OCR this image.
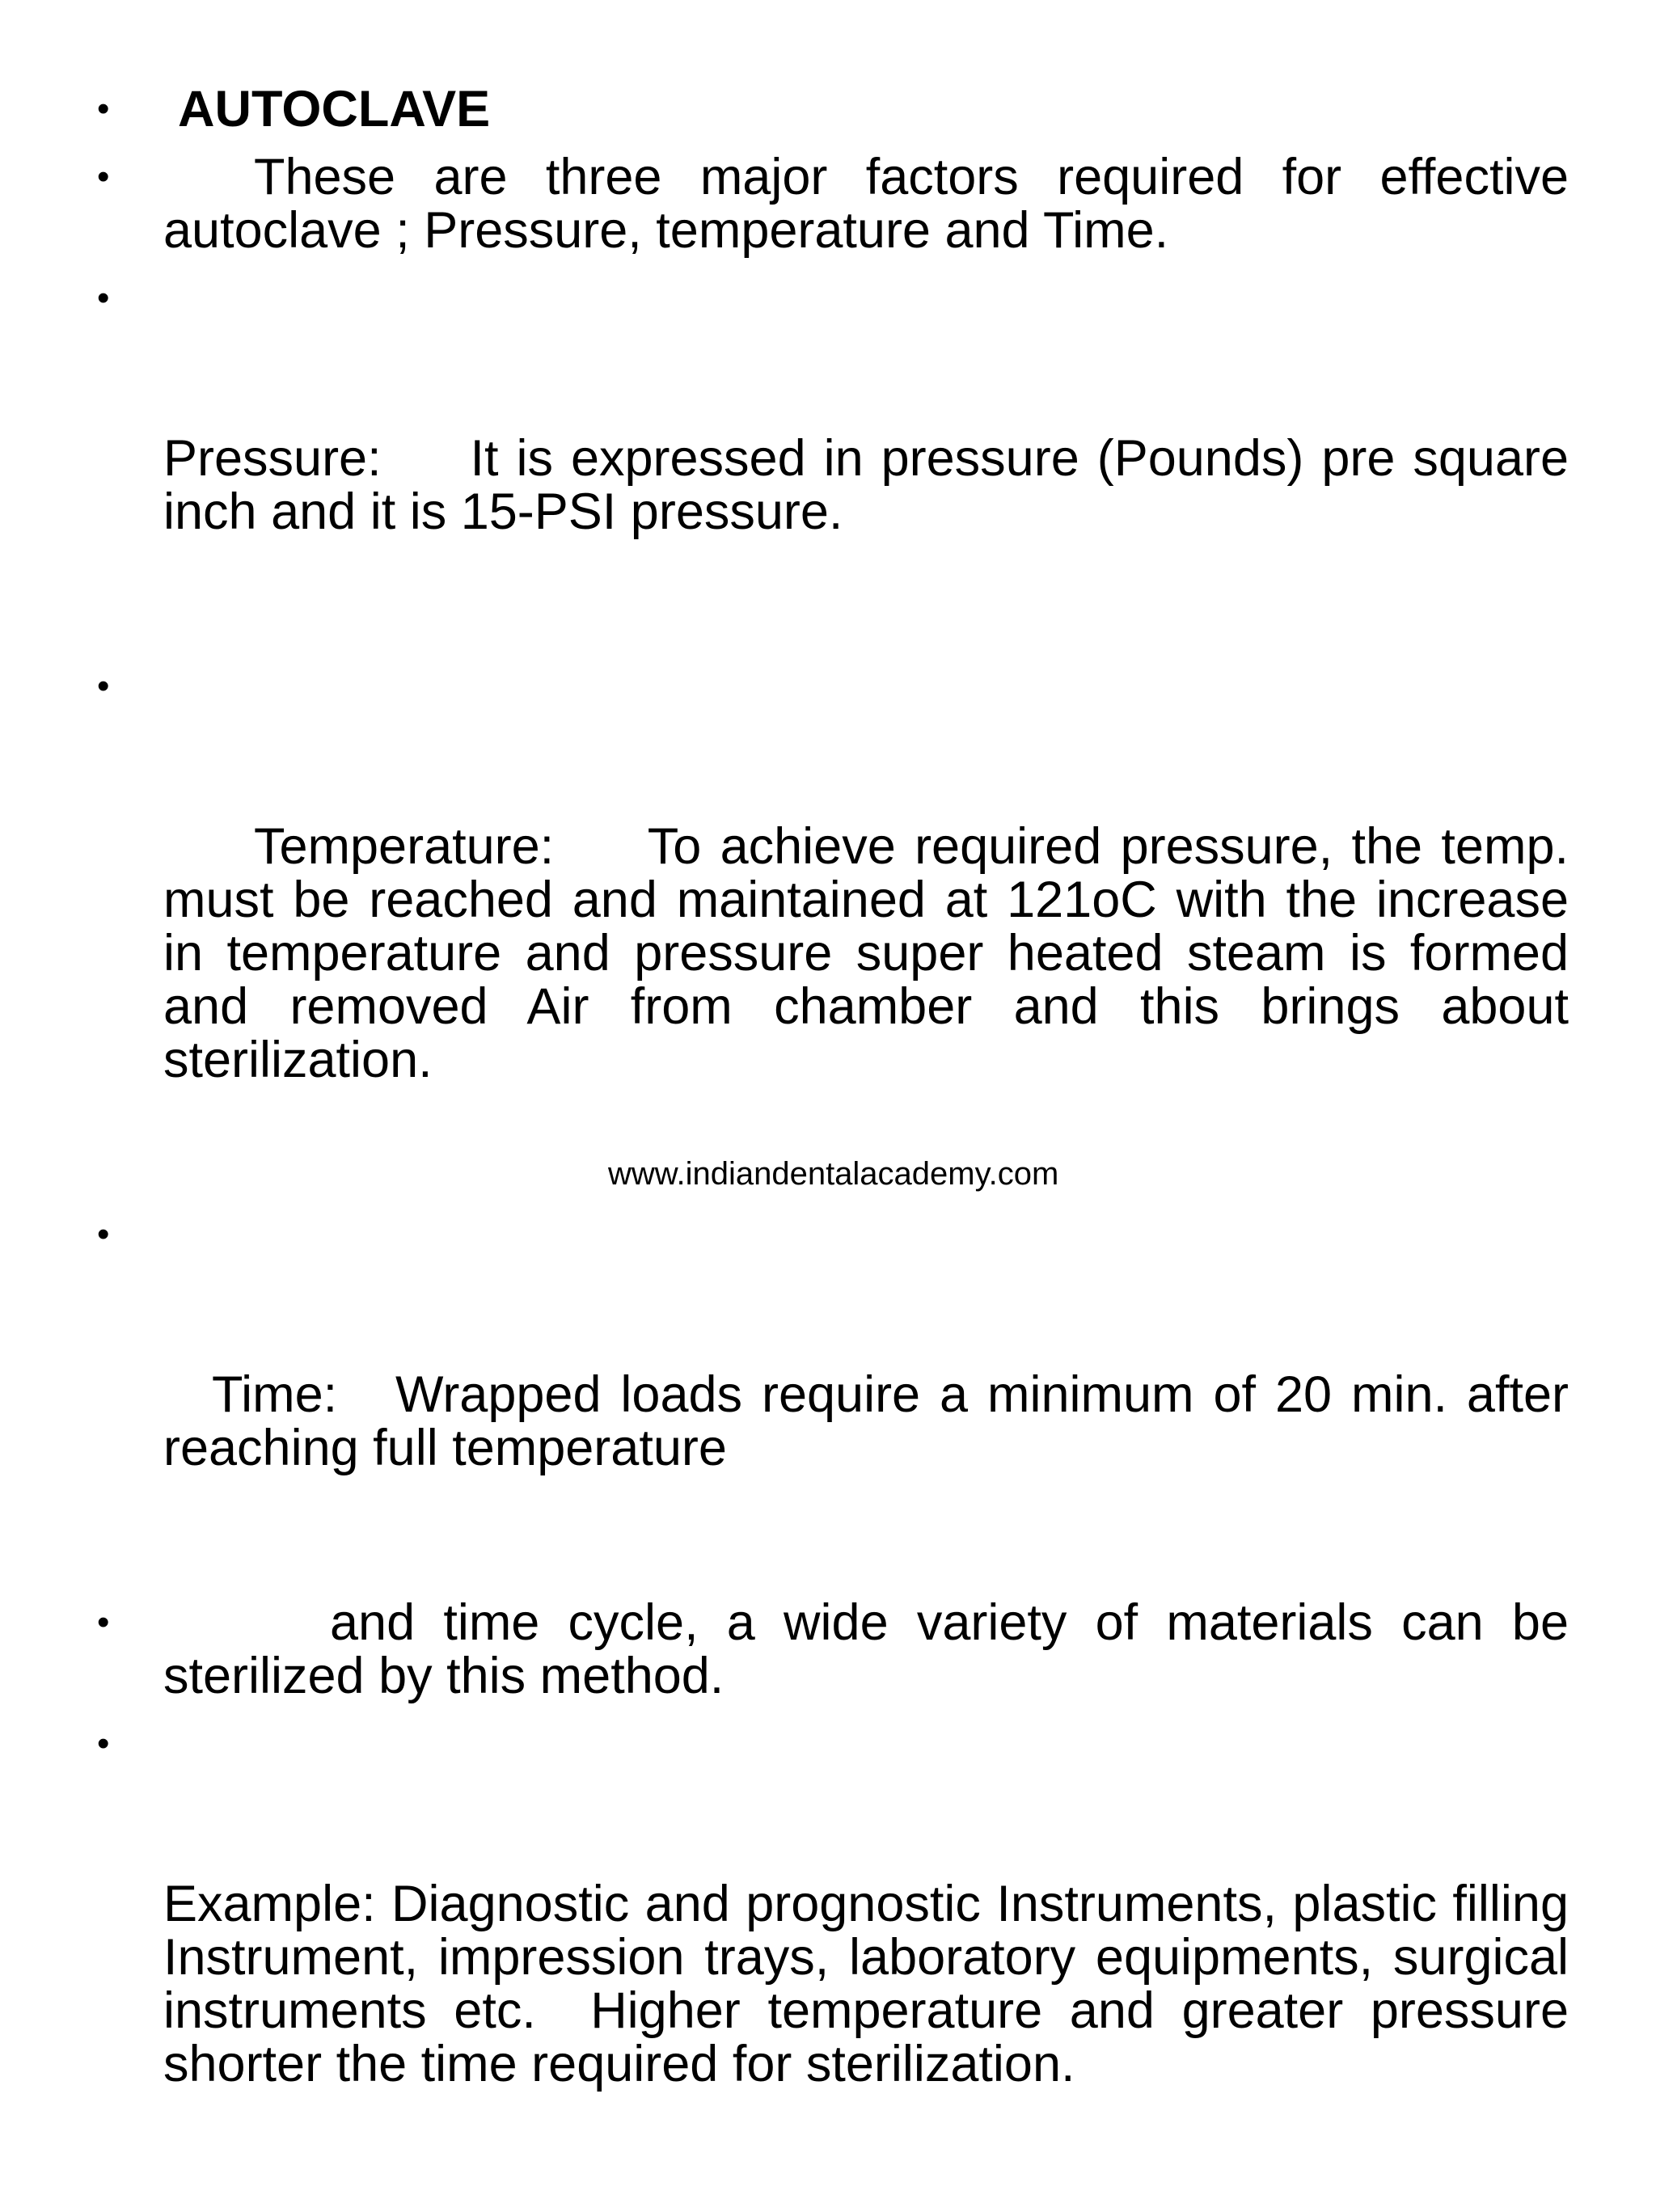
• AUTOCLAVE
•	These are three major factors required for effective autoclave ; Pressure, temperature and Time.

•

Pressure:     It is expressed in pressure (Pounds) pre square inch and it is 15-PSI pressure.

•

Temperature:     To achieve required pressure, the temp. must be reached and maintained at 121oC with the increase in temperature and pressure super heated steam is formed and removed Air from chamber and this brings about sterilization.

•

Time:   Wrapped loads require a minimum of 20 min. after reaching full temperature

•	and time cycle, a wide variety of materials can be sterilized by this method.

•

Example: Diagnostic and prognostic Instruments, plastic filling Instrument, impression trays, laboratory equipments, surgical instruments etc.  Higher temperature and greater pressure shorter the time required for sterilization.

www.indiandentalacademy.com
